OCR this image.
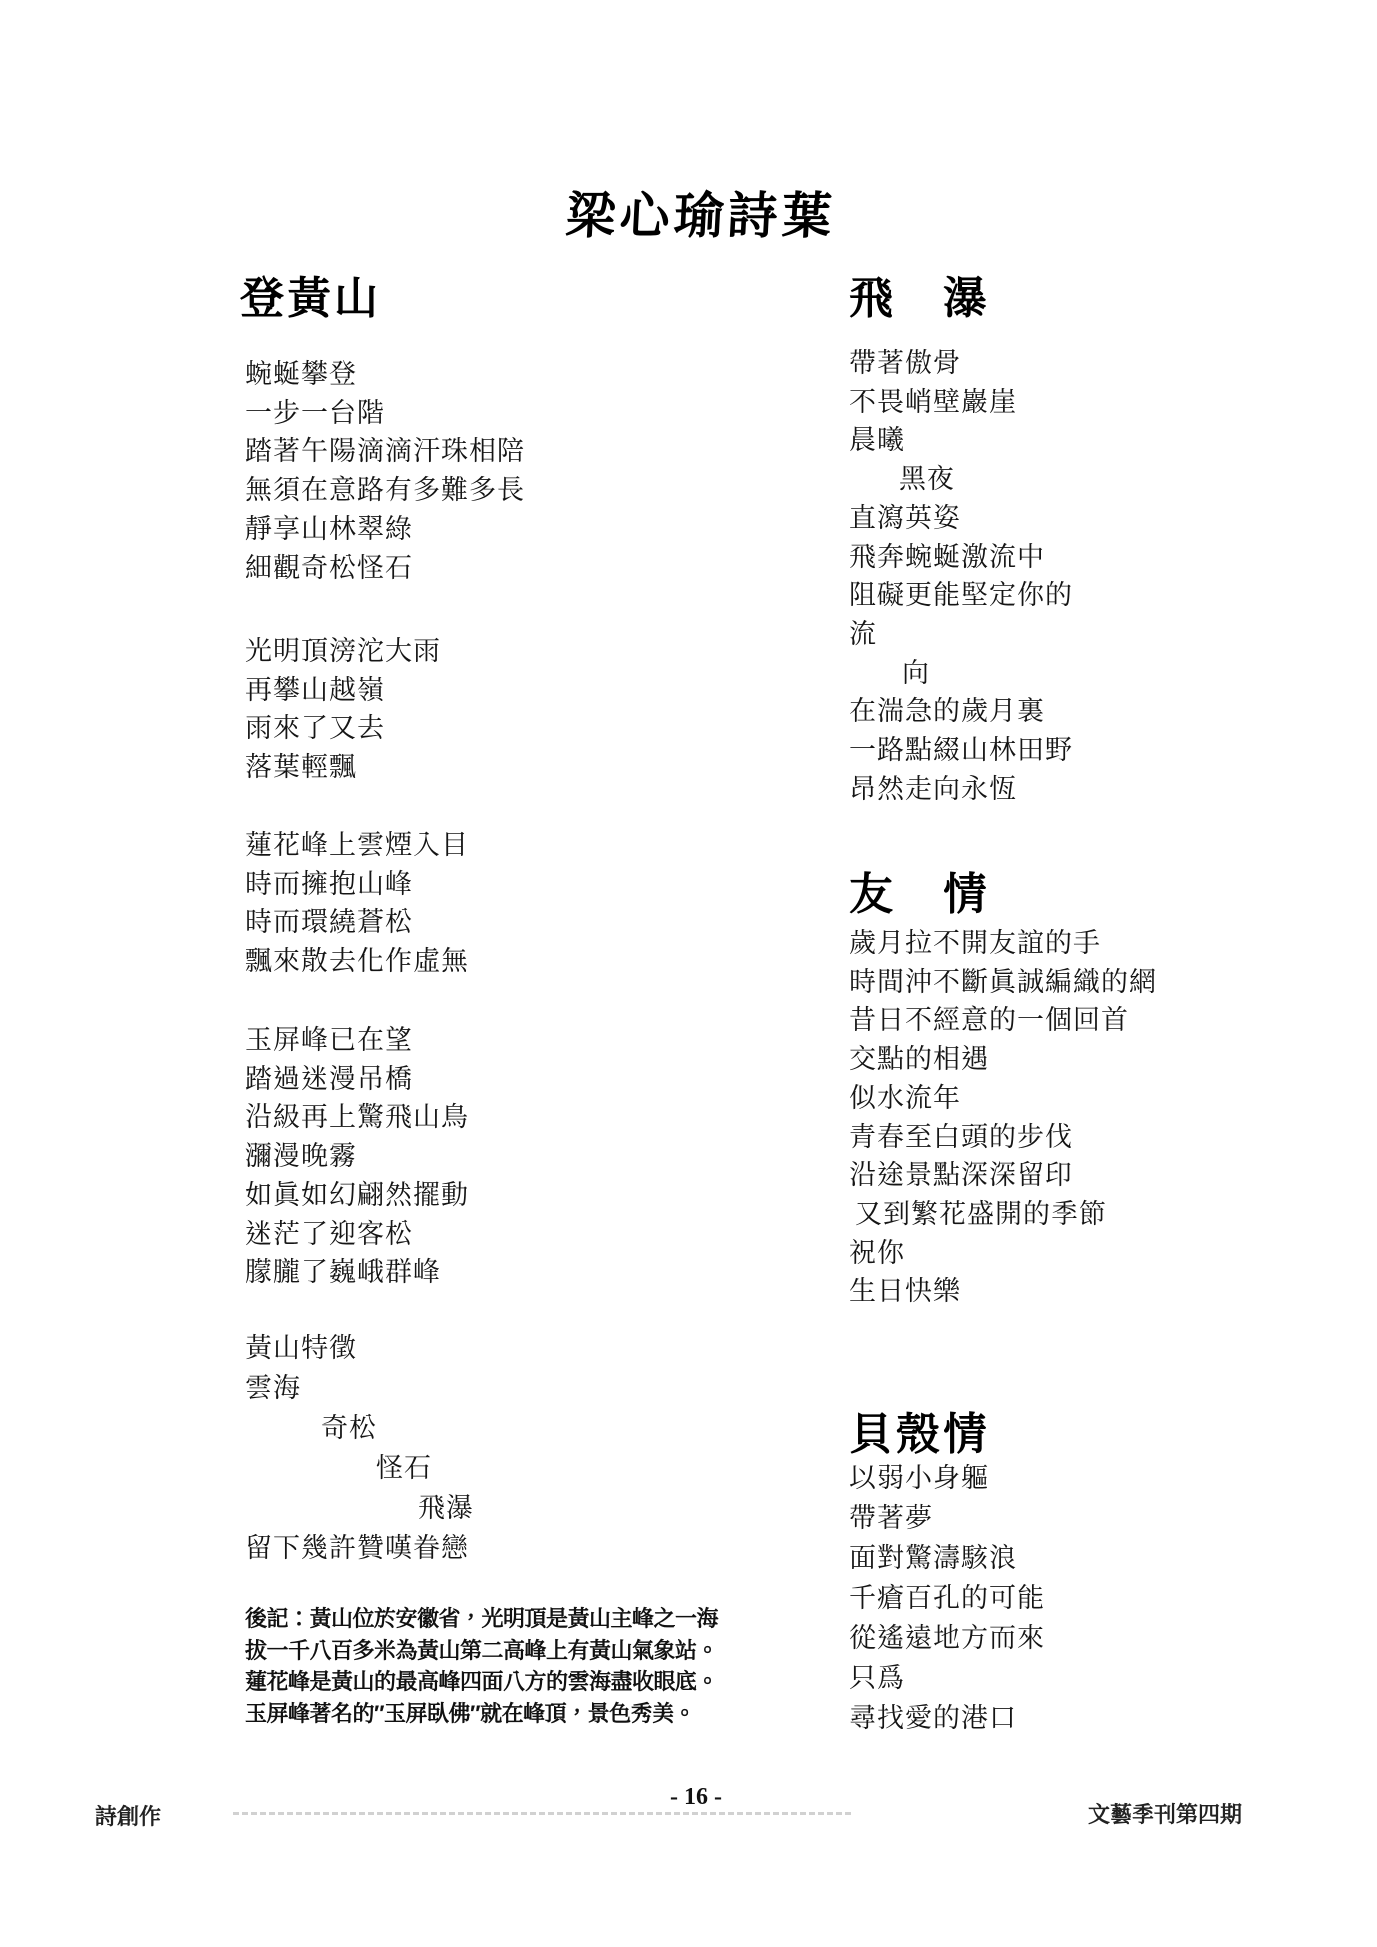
梁心瑜詩葉
登黃山
蜿蜒攀登
一步一台階
踏著午陽滴滴汗珠相陪
無須在意路有多難多長
靜享山林翠綠
細觀奇松怪石
光明頂滂沱大雨
再攀山越嶺
雨來了又去
落葉輕飄
蓮花峰上雲煙入目
時而擁抱山峰
時而環繞蒼松
飄來散去化作虛無
玉屏峰已在望
踏過迷漫吊橋
沿級再上驚飛山鳥
瀰漫晚霧
如眞如幻翩然擺動
迷茫了迎客松
朦朧了巍峨群峰
黃山特徵
雲海
奇松
怪石
飛瀑
留下幾許贊嘆眷戀
後記：黃山位於安徽省，光明頂是黃山主峰之一海
拔一千八百多米為黃山第二高峰上有黃山氣象站。
蓮花峰是黃山的最高峰四面八方的雲海盡收眼底。
玉屏峰著名的″玉屏臥佛″就在峰頂，景色秀美。
飛　瀑
帶著傲骨
不畏峭壁巖崖
晨曦
黑夜
直瀉英姿
飛奔蜿蜒激流中
阻礙更能堅定你的
流
向
在湍急的歲月裏
一路點綴山林田野
昂然走向永恆
友　情
歲月拉不開友誼的手
時間沖不斷眞誠編織的網
昔日不經意的一個回首
交點的相遇
似水流年
青春至白頭的步伐
沿途景點深深留印
又到繁花盛開的季節
祝你
生日快樂
貝殼情
以弱小身軀
帶著夢
面對驚濤駭浪
千瘡百孔的可能
從遙遠地方而來
只爲
尋找愛的港口
詩創作
- 16 -
文藝季刊第四期
